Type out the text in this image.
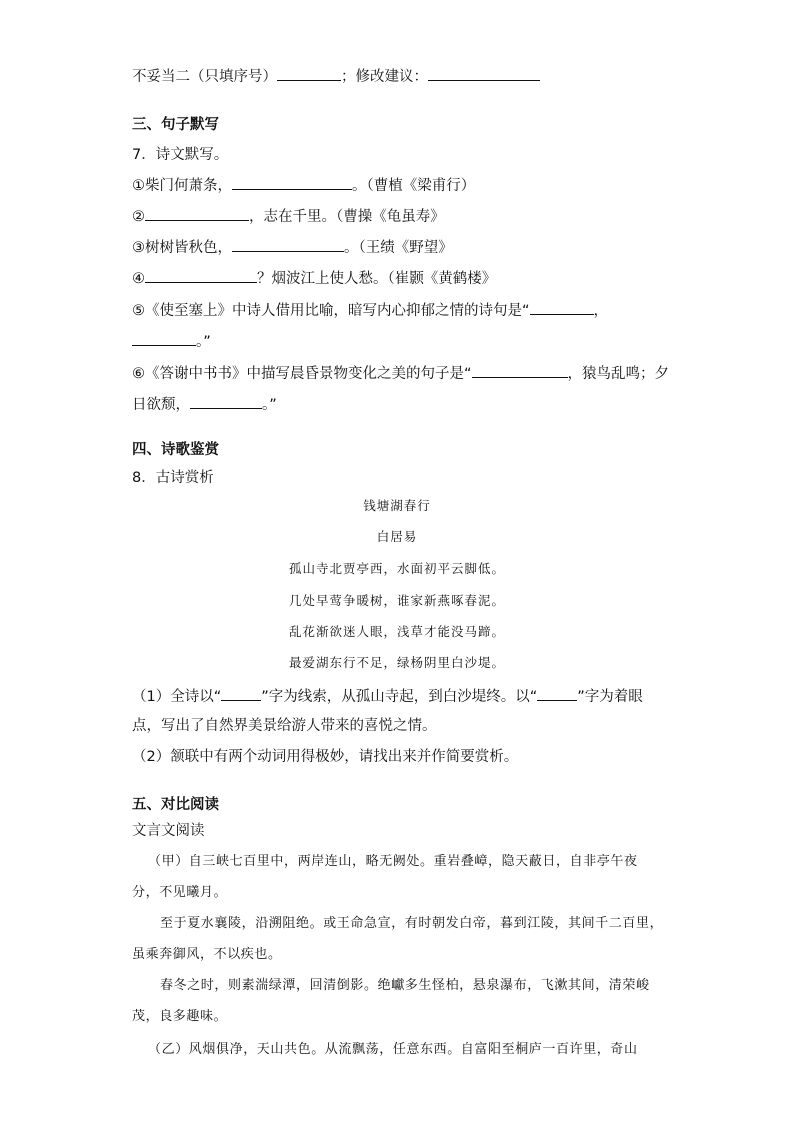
不妥当二（只填序号）	；修改建议：
三、句子默写
7．诗文默写。
①柴门何萧条，	。（曹植《梁甫行）
②	，志在千里。（曹操《龟虽寿》
③树树皆秋色，	。（王绩《野望》
④	？烟波江上使人愁。（崔颢《黄鹤楼》
⑤《使至塞上》中诗人借用比喻，暗写内心抑郁之情的诗句是“	，
。”
⑥《答谢中书书》中描写晨昏景物变化之美的句子是“	，猿鸟乱鸣；夕
日欲颓，	。”
四、诗歌鉴赏
8．古诗赏析
钱塘湖春行
白居易
孤山寺北贾亭西，水面初平云脚低。
几处早莺争暖树，谁家新燕啄春泥。
乱花渐欲迷人眼，浅草才能没马蹄。
最爱湖东行不足，绿杨阴里白沙堤。
（1）全诗以“	”字为线索，从孤山寺起，到白沙堤终。以“	”字为着眼
点，写出了自然界美景给游人带来的喜悦之情。
（2）颔联中有两个动词用得极妙，请找出来并作简要赏析。
五、对比阅读
文言文阅读
（甲）自三峡七百里中，两岸连山，略无阙处。重岩叠嶂，隐天蔽日，自非亭午夜
分，不见曦月。
至于夏水襄陵，沿溯阻绝。或王命急宣，有时朝发白帝，暮到江陵，其间千二百里，
虽乘奔御风，不以疾也。
春冬之时，则素湍绿潭，回清倒影。绝巘多生怪柏，悬泉瀑布，飞漱其间，清荣峻
茂，良多趣味。
（乙）风烟俱净，天山共色。从流飘荡，任意东西。自富阳至桐庐一百许里，奇山
